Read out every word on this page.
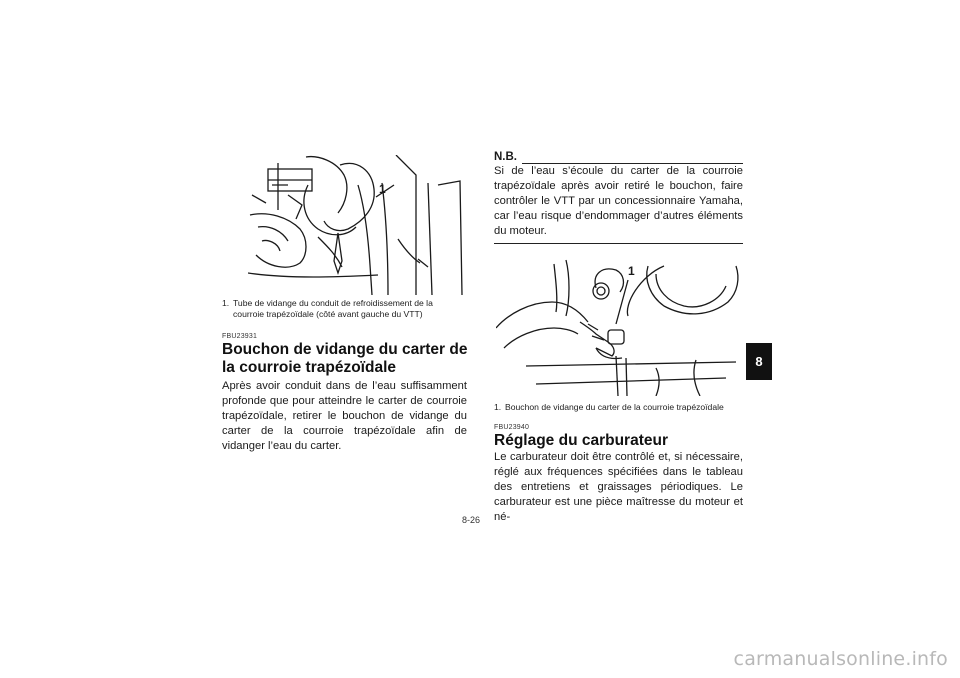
1
1. Tube de vidange du conduit de refroidissement de la courroie trapézoïdale (côté avant gauche du VTT)
FBU23931
Bouchon de vidange du carter de la courroie trapézoïdale
Après avoir conduit dans de l’eau suffisamment profonde que pour atteindre le carter de courroie trapézoïdale, retirer le bouchon de vidange du carter de la courroie trapézoïdale afin de vidanger l’eau du carter.
N.B.
Si de l’eau s’écoule du carter de la courroie trapézoïdale après avoir retiré le bouchon, faire contrôler le VTT par un concessionnaire Yamaha, car l’eau risque d’endommager d’autres éléments du moteur.
1
1. Bouchon de vidange du carter de la courroie trapézoïdale
FBU23940
Réglage du carburateur
Le carburateur doit être contrôlé et, si nécessaire, réglé aux fréquences spécifiées dans le tableau des entretiens et graissages périodiques. Le carburateur est une pièce maîtresse du moteur et né-
8-26
8
carmanualsonline.info
